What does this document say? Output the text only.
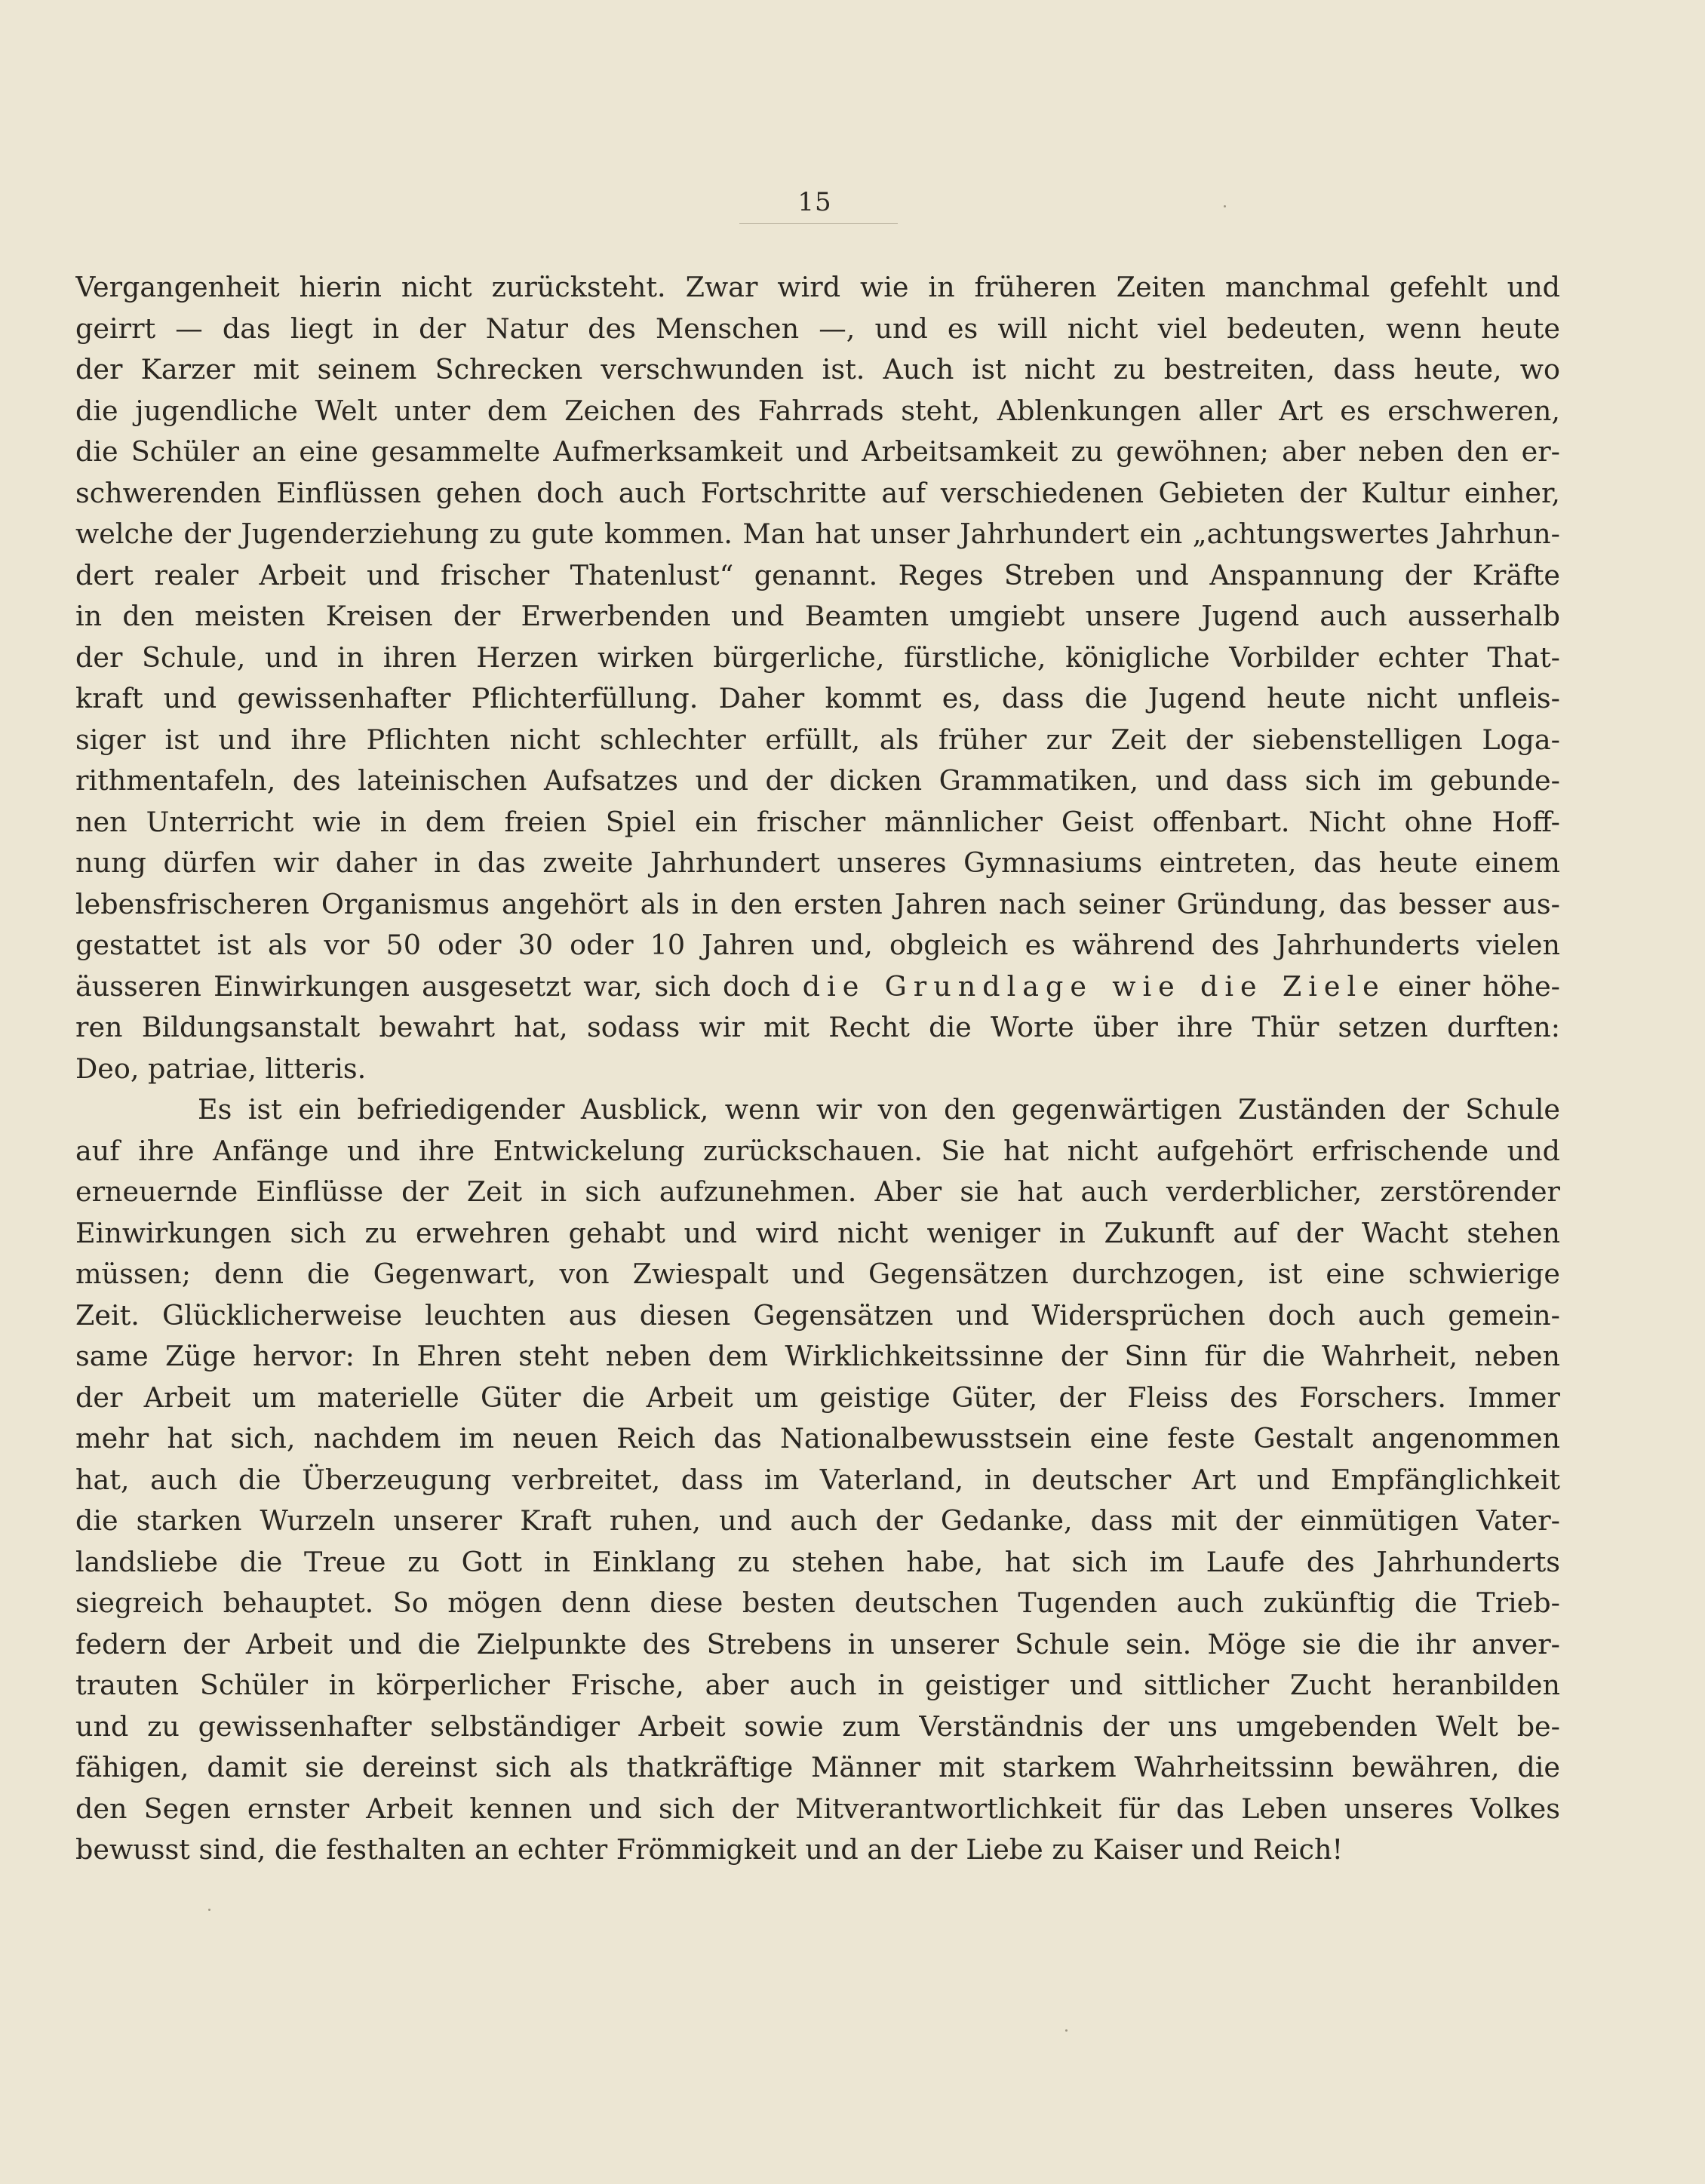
15
Vergangenheit hierin nicht zurücksteht. Zwar wird wie in früheren Zeiten manchmal gefehlt und
geirrt — das liegt in der Natur des Menschen —, und es will nicht viel bedeuten, wenn heute
der Karzer mit seinem Schrecken verschwunden ist. Auch ist nicht zu bestreiten, dass heute, wo
die jugendliche Welt unter dem Zeichen des Fahrrads steht, Ablenkungen aller Art es erschweren,
die Schüler an eine gesammelte Aufmerksamkeit und Arbeitsamkeit zu gewöhnen; aber neben den er-
schwerenden Einflüssen gehen doch auch Fortschritte auf verschiedenen Gebieten der Kultur einher,
welche der Jugenderziehung zu gute kommen. Man hat unser Jahrhundert ein „achtungswertes Jahrhun-
dert realer Arbeit und frischer Thatenlust“ genannt. Reges Streben und Anspannung der Kräfte
in den meisten Kreisen der Erwerbenden und Beamten umgiebt unsere Jugend auch ausserhalb
der Schule, und in ihren Herzen wirken bürgerliche, fürstliche, königliche Vorbilder echter That-
kraft und gewissenhafter Pflichterfüllung. Daher kommt es, dass die Jugend heute nicht unfleis-
siger ist und ihre Pflichten nicht schlechter erfüllt, als früher zur Zeit der siebenstelligen Loga-
rithmentafeln, des lateinischen Aufsatzes und der dicken Grammatiken, und dass sich im gebunde-
nen Unterricht wie in dem freien Spiel ein frischer männlicher Geist offenbart. Nicht ohne Hoff-
nung dürfen wir daher in das zweite Jahrhundert unseres Gymnasiums eintreten, das heute einem
lebensfrischeren Organismus angehört als in den ersten Jahren nach seiner Gründung, das besser aus-
gestattet ist als vor 50 oder 30 oder 10 Jahren und, obgleich es während des Jahrhunderts vielen
äusseren Einwirkungen ausgesetzt war, sich doch die Grundlage wie die Ziele einer höhe-
ren Bildungsanstalt bewahrt hat, sodass wir mit Recht die Worte über ihre Thür setzen durften:
Deo, patriae, litteris.
Es ist ein befriedigender Ausblick, wenn wir von den gegenwärtigen Zuständen der Schule
auf ihre Anfänge und ihre Entwickelung zurückschauen. Sie hat nicht aufgehört erfrischende und
erneuernde Einflüsse der Zeit in sich aufzunehmen. Aber sie hat auch verderblicher, zerstörender
Einwirkungen sich zu erwehren gehabt und wird nicht weniger in Zukunft auf der Wacht stehen
müssen; denn die Gegenwart, von Zwiespalt und Gegensätzen durchzogen, ist eine schwierige
Zeit. Glücklicherweise leuchten aus diesen Gegensätzen und Widersprüchen doch auch gemein-
same Züge hervor: In Ehren steht neben dem Wirklichkeitssinne der Sinn für die Wahrheit, neben
der Arbeit um materielle Güter die Arbeit um geistige Güter, der Fleiss des Forschers. Immer
mehr hat sich, nachdem im neuen Reich das Nationalbewusstsein eine feste Gestalt angenommen
hat, auch die Überzeugung verbreitet, dass im Vaterland, in deutscher Art und Empfänglichkeit
die starken Wurzeln unserer Kraft ruhen, und auch der Gedanke, dass mit der einmütigen Vater-
landsliebe die Treue zu Gott in Einklang zu stehen habe, hat sich im Laufe des Jahrhunderts
siegreich behauptet. So mögen denn diese besten deutschen Tugenden auch zukünftig die Trieb-
federn der Arbeit und die Zielpunkte des Strebens in unserer Schule sein. Möge sie die ihr anver-
trauten Schüler in körperlicher Frische, aber auch in geistiger und sittlicher Zucht heranbilden
und zu gewissenhafter selbständiger Arbeit sowie zum Verständnis der uns umgebenden Welt be-
fähigen, damit sie dereinst sich als thatkräftige Männer mit starkem Wahrheitssinn bewähren, die
den Segen ernster Arbeit kennen und sich der Mitverantwortlichkeit für das Leben unseres Volkes
bewusst sind, die festhalten an echter Frömmigkeit und an der Liebe zu Kaiser und Reich!
